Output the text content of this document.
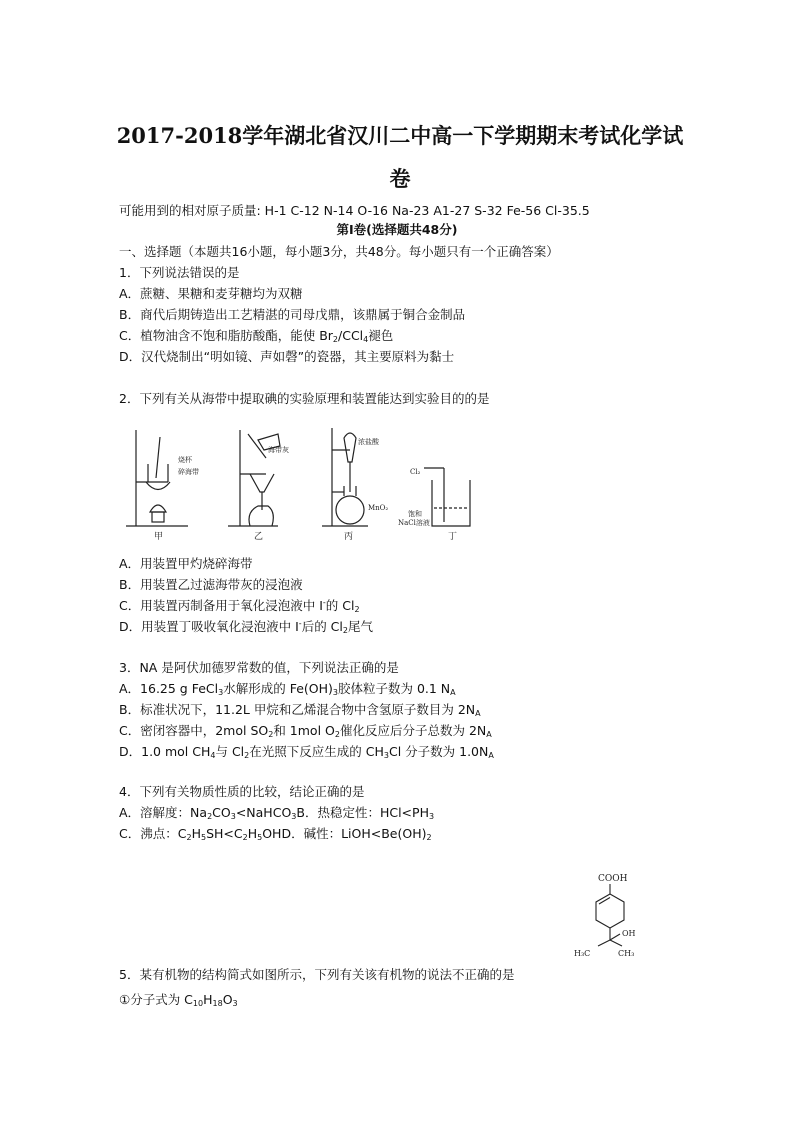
2017-2018学年湖北省汉川二中高一下学期期末考试化学试
卷
可能用到的相对原子质量: H-1 C-12 N-14 O-16 Na-23 A1-27 S-32 Fe-56 Cl-35.5
第Ⅰ卷(选择题共48分)
一、选择题（本题共16小题，每小题3分，共48分。每小题只有一个正确答案）
1．下列说法错误的是
A．蔗糖、果糖和麦芽糖均为双糖
B．商代后期铸造出工艺精湛的司母戊鼎，该鼎属于铜合金制品
C．植物油含不饱和脂肪酸酯，能使 $Br_2/CCl_4$褪色
D．汉代烧制出“明如镜、声如磬”的瓷器，其主要原料为黏士
2．下列有关从海带中提取碘的实验原理和装置能达到实验目的的是
烧杯
碎海带
海带灰
浓盐酸
MnO₂
Cl₂
饱和
NaCl溶液
甲	乙	丙	丁
A．用装置甲灼烧碎海带
B．用装置乙过滤海带灰的浸泡液
C．用装置丙制备用于氧化浸泡液中 I-的 $Cl_2$
D．用装置丁吸收氧化浸泡液中 I-后的 $Cl_2$尾气
3．NA 是阿伏加德罗常数的值，下列说法正确的是
A．16.25 g FeCl$_3$水解形成的 $Fe(OH)_3$胶体粒子数为 0.1 $N_A$
B．标准状况下，11.2L 甲烷和乙烯混合物中含氢原子数目为 $2N_A$
C．密闭容器中，2mol $SO_2$和 1mol $O_2$催化反应后分子总数为 $2N_A$
D．1.0 mol $CH_4$与 $Cl_2$在光照下反应生成的 $CH_3Cl$ 分子数为 $1.0N_A$
4．下列有关物质性质的比较，结论正确的是
A．溶解度：$Na_2CO_3<NaHCO_3B$．热稳定性：$HCl<PH_3$
C．沸点：$C_2H_5SH<C_2H_5OHD$．碱性：$LiOH<Be(OH)_2$
COOH
H₃C
OH
CH₃
5．某有机物的结构简式如图所示，下列有关该有机物的说法不正确的是
①分子式为 $C_{10}H_{18}O_3$
